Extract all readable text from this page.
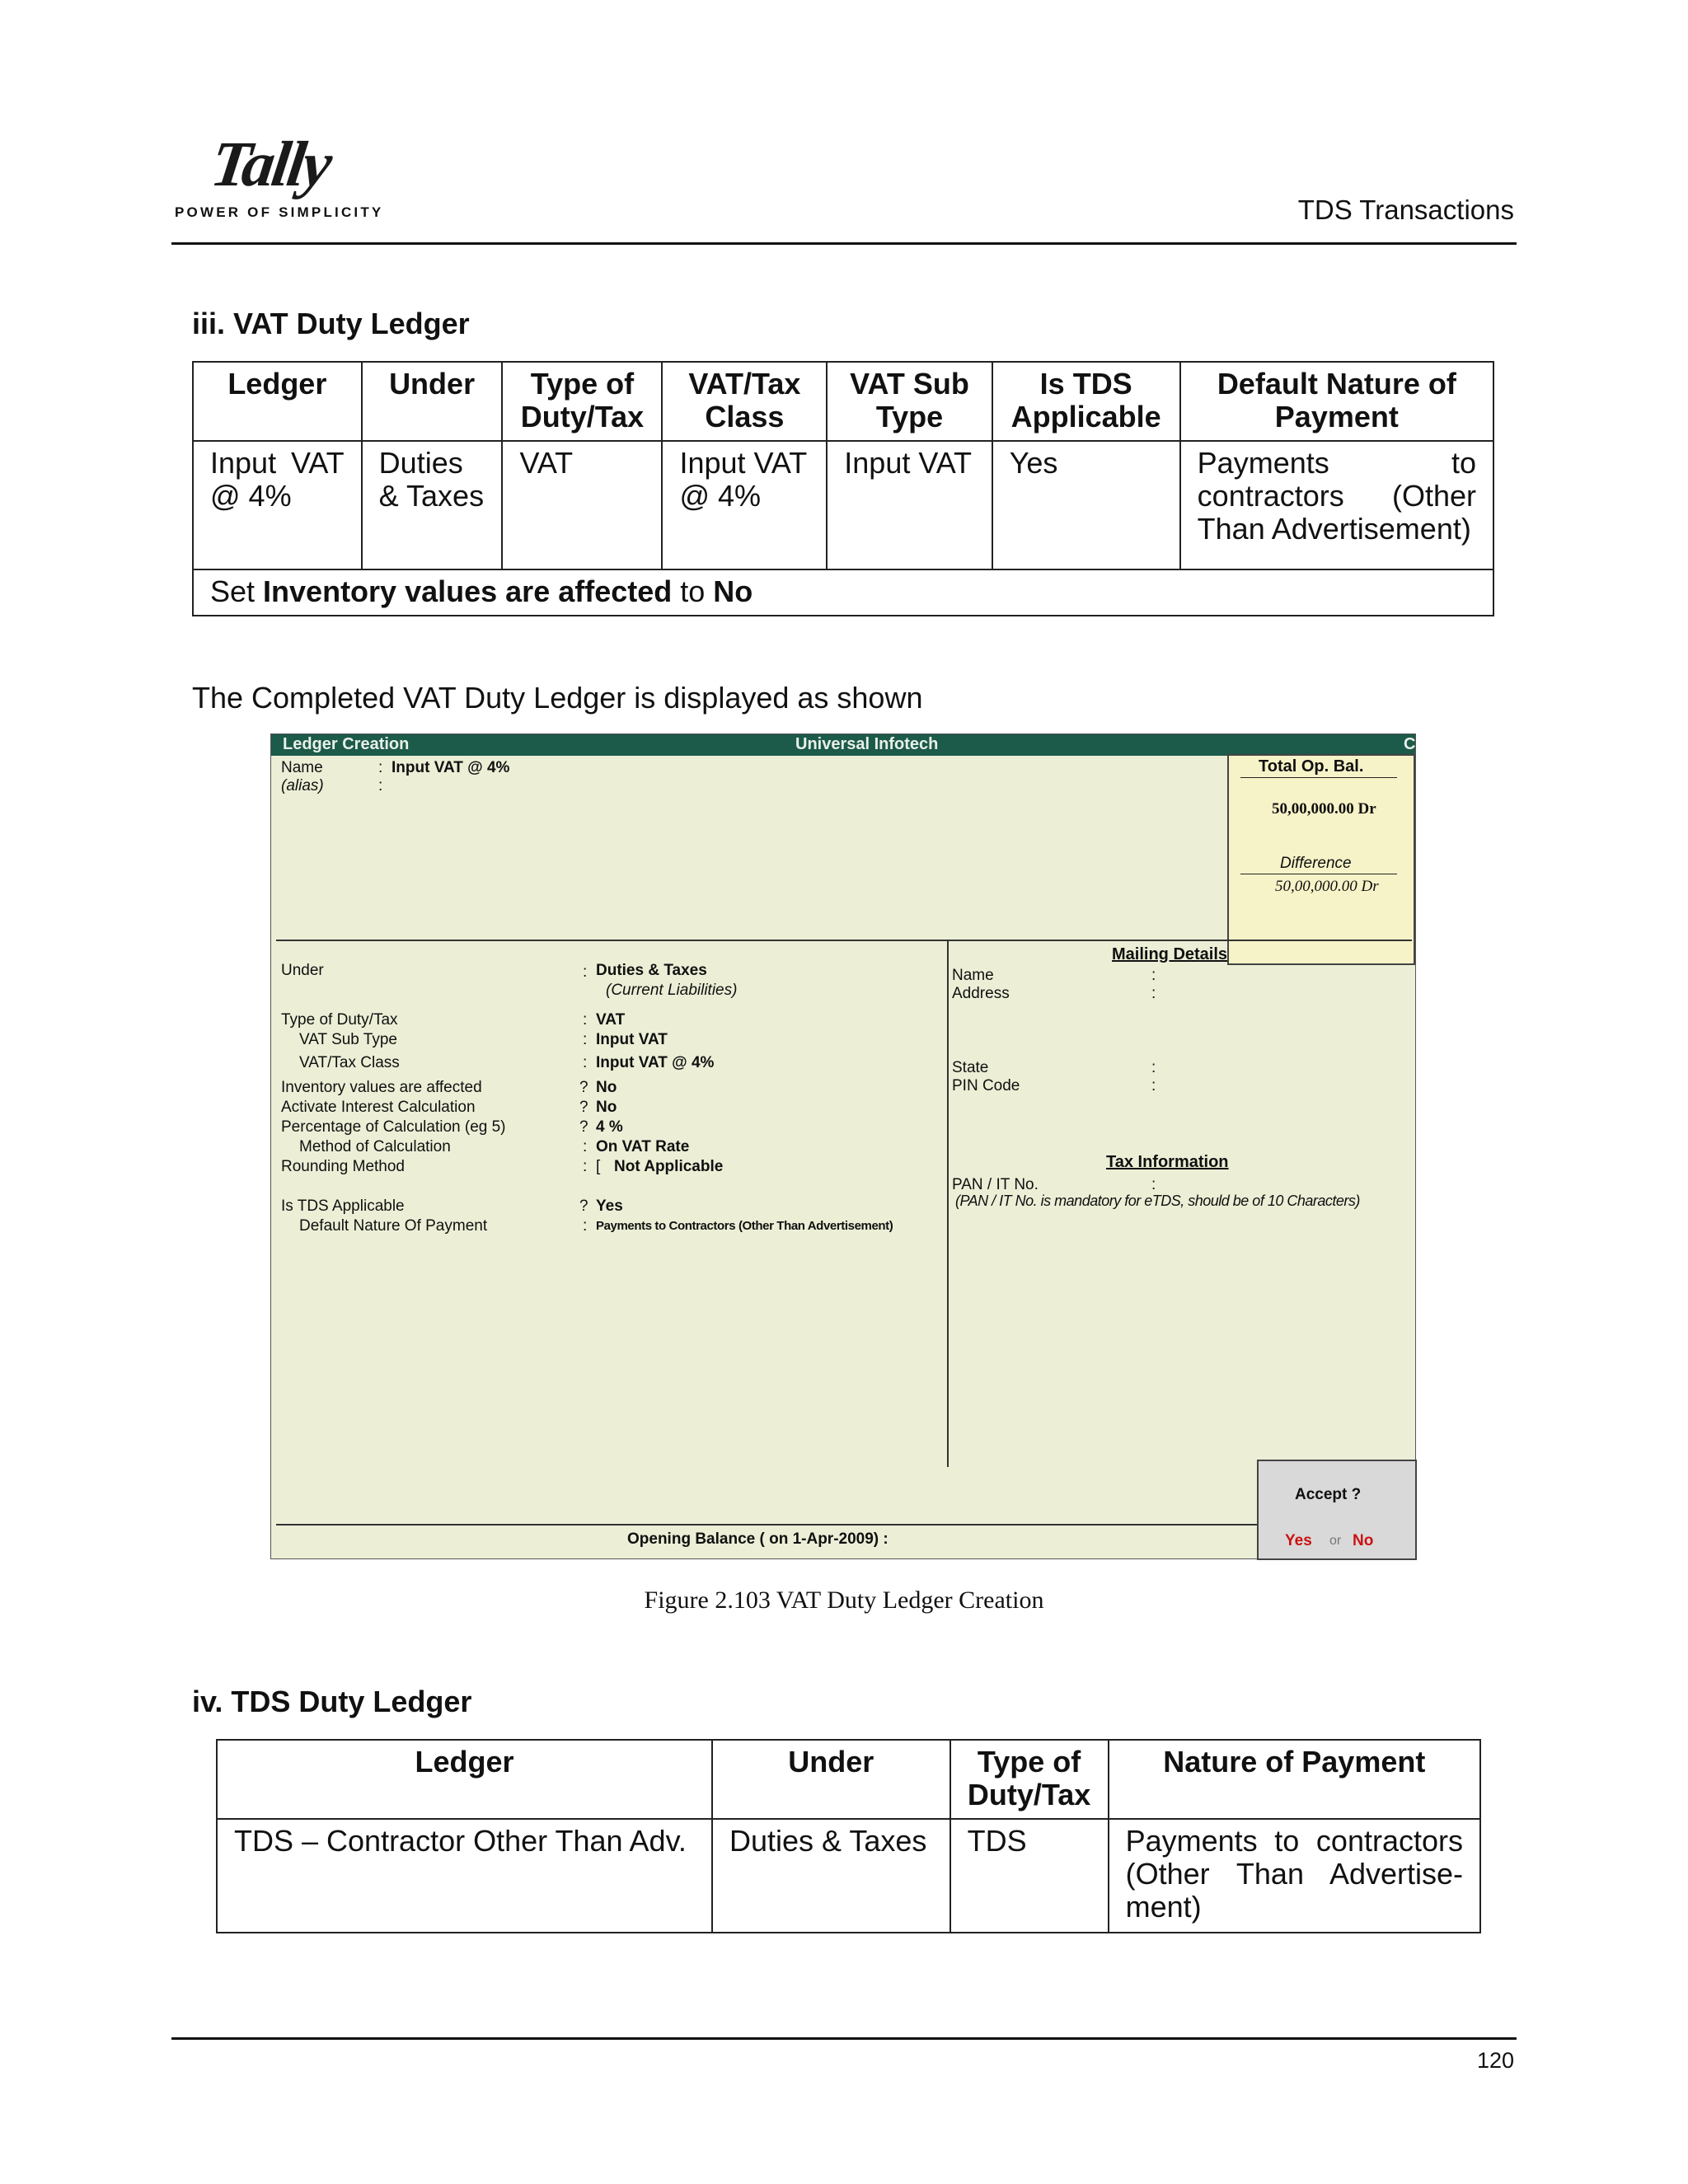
Tally
POWER OF SIMPLICITY	TDS Transactions
iii. VAT Duty Ledger
Ledger	Under	Type of Duty/Tax	VAT/Tax Class	VAT Sub Type	Is TDS Applicable	Default Nature of Payment
Input VAT @ 4%	Duties & Taxes	VAT	Input VAT @ 4%	Input VAT	Yes	Payments to contractors (Other Than Advertisement)
Set Inventory values are affected to No						

The Completed VAT Duty Ledger is displayed as shown

Ledger Creation	Universal Infotech	C
Name	: Input VAT @ 4%
(alias)	:
Total Op. Bal.
50,00,000.00 Dr
Difference
50,00,000.00 Dr
Under	: Duties & Taxes
(Current Liabilities)
Type of Duty/Tax	: VAT
VAT Sub Type	: Input VAT
VAT/Tax Class	: Input VAT @ 4%
Inventory values are affected	? No
Activate Interest Calculation	? No
Percentage of Calculation (eg 5)	? 4 %
Method of Calculation	: On VAT Rate
Rounding Method	: [ Not Applicable
Is TDS Applicable	? Yes
Default Nature Of Payment	: Payments to Contractors (Other Than Advertisement)
Mailing Details
Name	:
Address	:
State	:
PIN Code	:
Tax Information
PAN / IT No.	:
(PAN / IT No. is mandatory for eTDS, should be of 10 Characters)
Opening Balance ( on 1-Apr-2009) :
Accept ?
Yes or No
Figure 2.103 VAT Duty Ledger Creation
iv. TDS Duty Ledger
Ledger	Under	Type of Duty/Tax	Nature of Payment
TDS – Contractor Other Than Adv.	Duties & Taxes	TDS	Payments to contractors (Other Than Advertise-ment)
120
